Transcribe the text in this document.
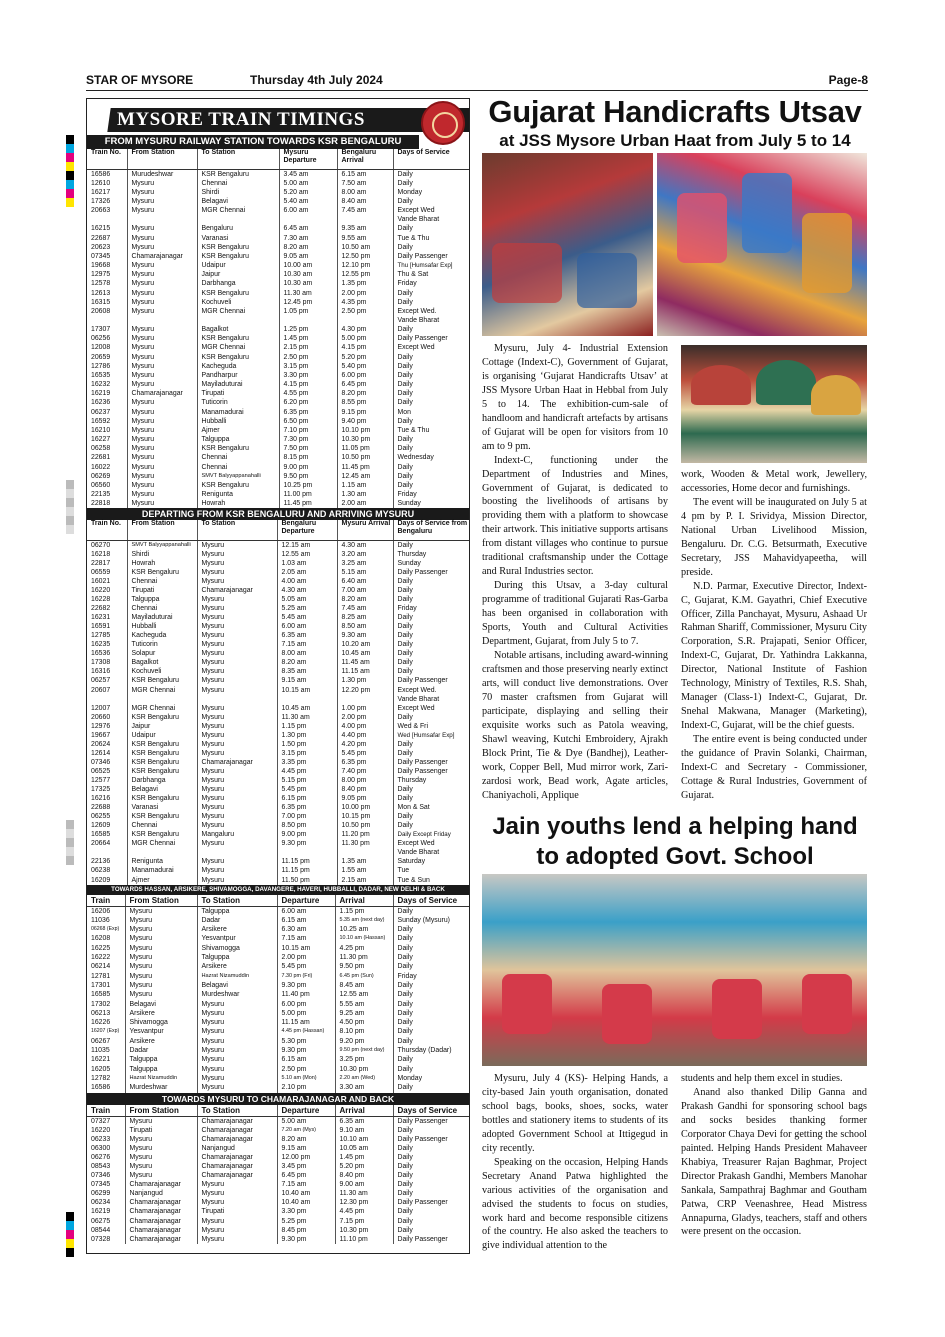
STAR OF MYSORE	Thursday 4th July 2024	Page-8
MYSORE TRAIN TIMINGS
FROM MYSURU RAILWAY STATION TOWARDS KSR BENGALURU
Train No.	From Station	To Station	Mysuru Departure	Bengaluru Arrival	Days of Service
16586	Murudeshwar	KSR Bengaluru	3.45 am	6.15 am	Daily
12610	Mysuru	Chennai	5.00 am	7.50 am	Daily
16217	Mysuru	Shirdi	5.20 am	8.00 am	Monday
17326	Mysuru	Belagavi	5.40 am	8.40 am	Daily
20663	Mysuru	MGR Chennai	6.00 am	7.45 am	Except Wed
					Vande Bharat
16215	Mysuru	Bengaluru	6.45 am	9.35 am	Daily
22687	Mysuru	Varanasi	7.30 am	9.55 am	Tue & Thu
20623	Mysuru	KSR Bengaluru	8.20 am	10.50 am	Daily
07345	Chamarajanagar	KSR Bengaluru	9.05 am	12.50 pm	Daily Passenger
19668	Mysuru	Udaipur	10.00 am	12.10 pm	Thu [Humsafar Exp]
12975	Mysuru	Jaipur	10.30 am	12.55 pm	Thu & Sat
12578	Mysuru	Darbhanga	10.30 am	1.35 pm	Friday
12613	Mysuru	KSR Bengaluru	11.30 am	2.00 pm	Daily
16315	Mysuru	Kochuveli	12.45 pm	4.35 pm	Daily
20608	Mysuru	MGR Chennai	1.05 pm	2.50 pm	Except Wed.
					Vande Bharat
17307	Mysuru	Bagalkot	1.25 pm	4.30 pm	Daily
06256	Mysuru	KSR Bengaluru	1.45 pm	5.00 pm	Daily Passenger
12008	Mysuru	MGR Chennai	2.15 pm	4.15 pm	Except Wed
20659	Mysuru	KSR Bengaluru	2.50 pm	5.20 pm	Daily
12786	Mysuru	Kacheguda	3.15 pm	5.40 pm	Daily
16535	Mysuru	Pandharpur	3.30 pm	6.00 pm	Daily
16232	Mysuru	Mayiladuturai	4.15 pm	6.45 pm	Daily
16219	Chamarajanagar	Tirupati	4.55 pm	8.20 pm	Daily
16236	Mysuru	Tuticorin	6.20 pm	8.55 pm	Daily
06237	Mysuru	Manamadurai	6.35 pm	9.15 pm	Mon
16592	Mysuru	Hubballi	6.50 pm	9.40 pm	Daily
16210	Mysuru	Ajmer	7.10 pm	10.10 pm	Tue & Thu
16227	Mysuru	Talguppa	7.30 pm	10.30 pm	Daily
06258	Mysuru	KSR Bengaluru	7.50 pm	11.05 pm	Daily
22681	Mysuru	Chennai	8.15 pm	10.50 pm	Wednesday
16022	Mysuru	Chennai	9.00 pm	11.45 pm	Daily
06269	Mysuru	SMVT Balyyappanahalli	9.50 pm	12.45 am	Daily
06560	Mysuru	KSR Bengaluru	10.25 pm	1.15 am	Daily
22135	Mysuru	Renigunta	11.00 pm	1.30 am	Friday
22818	Mysuru	Howrah	11.45 pm	2.00 am	Sunday
DEPARTING FROM KSR BENGALURU AND ARRIVING MYSURU
Train No.	From Station	To Station	Bengaluru Departure	Mysuru Arrival	Days of Service from Bengaluru
06270	SMVT Balyyappanahalli	Mysuru	12.15 am	4.30 am	Daily
16218	Shirdi	Mysuru	12.55 am	3.20 am	Thursday
22817	Howrah	Mysuru	1.03 am	3.25 am	Sunday
06559	KSR Bengaluru	Mysuru	2.05 am	5.15 am	Daily Passenger
16021	Chennai	Mysuru	4.00 am	6.40 am	Daily
16220	Tirupati	Chamarajanagar	4.30 am	7.00 am	Daily
16228	Talguppa	Mysuru	5.05 am	8.20 am	Daily
22682	Chennai	Mysuru	5.25 am	7.45 am	Friday
16231	Mayiladuturai	Mysuru	5.45 am	8.25 am	Daily
16591	Hubballi	Mysuru	6.00 am	8.50 am	Daily
12785	Kacheguda	Mysuru	6.35 am	9.30 am	Daily
16235	Tuticorin	Mysuru	7.15 am	10.20 am	Daily
16536	Solapur	Mysuru	8.00 am	10.45 am	Daily
17308	Bagalkot	Mysuru	8.20 am	11.45 am	Daily
16316	Kochuveli	Mysuru	8.35 am	11.15 am	Daily
06257	KSR Bengaluru	Mysuru	9.15 am	1.30 pm	Daily Passenger
20607	MGR Chennai	Mysuru	10.15 am	12.20 pm	Except Wed.
					Vande Bharat
12007	MGR Chennai	Mysuru	10.45 am	1.00 pm	Except Wed
20660	KSR Bengaluru	Mysuru	11.30 am	2.00 pm	Daily
12976	Jaipur	Mysuru	1.15 pm	4.00 pm	Wed & Fri
19667	Udaipur	Mysuru	1.30 pm	4.40 pm	Wed [Humsafar Exp]
20624	KSR Bengaluru	Mysuru	1.50 pm	4.20 pm	Daily
12614	KSR Bengaluru	Mysuru	3.15 pm	5.45 pm	Daily
07346	KSR Bengaluru	Chamarajanagar	3.35 pm	6.35 pm	Daily Passenger
06525	KSR Bengaluru	Mysuru	4.45 pm	7.40 pm	Daily Passenger
12577	Darbhanga	Mysuru	5.15 pm	8.00 pm	Thursday
17325	Belagavi	Mysuru	5.45 pm	8.40 pm	Daily
16216	KSR Bengaluru	Mysuru	6.15 pm	9.05 pm	Daily
22688	Varanasi	Mysuru	6.35 pm	10.00 pm	Mon & Sat
06255	KSR Bengaluru	Mysuru	7.00 pm	10.15 pm	Daily
12609	Chennai	Mysuru	8.50 pm	10.50 pm	Daily
16585	KSR Bengaluru	Mangaluru	9.00 pm	11.20 pm	Daily Except Friday
20664	MGR Chennai	Mysuru	9.30 pm	11.30 pm	Except Wed
					Vande Bharat
22136	Renigunta	Mysuru	11.15 pm	1.35 am	Saturday
06238	Manamadurai	Mysuru	11.15 pm	1.55 am	Tue
16209	Ajmer	Mysuru	11.50 pm	2.15 am	Tue & Sun
TOWARDS HASSAN, ARSIKERE, SHIVAMOGGA, DAVANGERE, HAVERI, HUBBALLI, DADAR, NEW DELHI & BACK
Train	From Station	To Station	Departure	Arrival	Days of Service
16206	Mysuru	Talguppa	6.00 am	1.15 pm	Daily
11036	Mysuru	Dadar	6.15 am	5.35 am (next day)	Sunday (Mysuru)
06268 (Exp)	Mysuru	Arsikere	6.30 am	10.25 am	Daily
16208	Mysuru	Yesvantpur	7.15 am	10.10 am (Hassan)	Daily
16225	Mysuru	Shivamogga	10.15 am	4.25 pm	Daily
16222	Mysuru	Talguppa	2.00 pm	11.30 pm	Daily
06214	Mysuru	Arsikere	5.45 pm	9.50 pm	Daily
12781	Mysuru	Hazrat Nizamuddin	7.30 pm (Fri)	6.45 pm (Sun)	Friday
17301	Mysuru	Belagavi	9.30 pm	8.45 am	Daily
16585	Mysuru	Murdeshwar	11.40 pm	12.55 am	Daily
17302	Belagavi	Mysuru	6.00 pm	5.55 am	Daily
06213	Arsikere	Mysuru	5.00 pm	9.25 am	Daily
16226	Shivamogga	Mysuru	11.15 am	4.50 pm	Daily
16207 (Exp)	Yesvantpur	Mysuru	4.45 pm (Hassan)	8.10 pm	Daily
06267	Arsikere	Mysuru	5.30 pm	9.20 pm	Daily
11035	Dadar	Mysuru	9.30 pm	9.50 pm (next day)	Thursday (Dadar)
16221	Talguppa	Mysuru	6.15 am	3.25 pm	Daily
16205	Talguppa	Mysuru	2.50 pm	10.30 pm	Daily
12782	Hazrat Nizamuddin	Mysuru	5.10 am (Mon)	2.20 am (Wed)	Monday
16586	Murdeshwar	Mysuru	2.10 pm	3.30 am	Daily
TOWARDS MYSURU TO CHAMARAJANAGAR AND BACK
Train	From Station	To Station	Departure	Arrival	Days of Service
07327	Mysuru	Chamarajanagar	5.00 am	6.35 am	Daily Passenger
16220	Tirupati	Chamarajanagar	7.20 am (Mys)	9.10 am	Daily
06233	Mysuru	Chamarajanagar	8.20 am	10.10 am	Daily Passenger
06300	Mysuru	Nanjangud	9.15 am	10.05 am	Daily
06276	Mysuru	Chamarajanagar	12.00 pm	1.45 pm	Daily
08543	Mysuru	Chamarajanagar	3.45 pm	5.20 pm	Daily
07346	Mysuru	Chamarajanagar	6.45 pm	8.40 pm	Daily
07345	Chamarajanagar	Mysuru	7.15 am	9.00 am	Daily
06299	Nanjangud	Mysuru	10.40 am	11.30 am	Daily
06234	Chamarajanagar	Mysuru	10.40 am	12.30 pm	Daily Passenger
16219	Chamarajanagar	Tirupati	3.30 pm	4.45 pm	Daily
06275	Chamarajanagar	Mysuru	5.25 pm	7.15 pm	Daily
08544	Chamarajanagar	Mysuru	8.45 pm	10.30 pm	Daily
07328	Chamarajanagar	Mysuru	9.30 pm	11.10 pm	Daily Passenger
Gujarat Handicrafts Utsav
at JSS Mysore Urban Haat from July 5 to 14

Mysuru, July 4- Industrial Extension Cottage (Indext-C), Government of Gujarat, is organising ‘Gujarat Handicrafts Utsav’ at JSS Mysore Urban Haat in Hebbal from July 5 to 14. The exhibition-cum-sale of handloom and handicraft artefacts by artisans of Gujarat will be open for visitors from 10 am to 9 pm.

Indext-C, functioning under the Department of Industries and Mines, Government of Gujarat, is dedicated to boosting the livelihoods of artisans by providing them with a platform to showcase their artwork. This initiative supports artisans from distant villages who continue to pursue traditional craftsmanship under the Cottage and Rural Industries sector.

During this Utsav, a 3-day cultural programme of traditional Gujarati Ras-Garba has been organised in collaboration with Sports, Youth and Cultural Activities Department, Gujarat, from July 5 to 7.

Notable artisans, including award-winning craftsmen and those preserving nearly extinct arts, will conduct live demonstrations. Over 70 master craftsmen from Gujarat will participate, displaying and selling their exquisite works such as Patola weaving, Shawl weaving, Kutchi Embroidery, Ajrakh Block Print, Tie & Dye (Bandhej), Leather-work, Copper Bell, Mud mirror work, Zari-zardosi work, Bead work, Agate articles, Chaniyacholi, Applique

work, Wooden & Metal work, Jewellery, accessories, Home decor and furnishings.

The event will be inaugurated on July 5 at 4 pm by P. I. Srividya, Mission Director, National Urban Livelihood Mission, Bengaluru. Dr. C.G. Betsurmath, Executive Secretary, JSS Mahavidyapeetha, will preside.

N.D. Parmar, Executive Director, Indext-C, Gujarat, K.M. Gayathri, Chief Executive Officer, Zilla Panchayat, Mysuru, Ashaad Ur Rahman Shariff, Commissioner, Mysuru City Corporation, S.R. Prajapati, Senior Officer, Indext-C, Gujarat, Dr. Yathindra Lakkanna, Director, National Institute of Fashion Technology, Ministry of Textiles, R.S. Shah, Manager (Class-1) Indext-C, Gujarat, Dr. Snehal Makwana, Manager (Marketing), Indext-C, Gujarat, will be the chief guests.

The entire event is being conducted under the guidance of Pravin Solanki, Chairman, Indext-C and Secretary - Commissioner, Cottage & Rural Industries, Government of Gujarat.

Jain youths lend a helping hand to adopted Govt. School

Mysuru, July 4 (KS)- Helping Hands, a city-based Jain youth organisation, donated school bags, books, shoes, socks, water bottles and stationery items to students of its adopted Government School at Ittigegud in city recently.

Speaking on the occasion, Helping Hands Secretary Anand Patwa highlighted the various activities of the organisation and advised the students to focus on studies, work hard and become responsible citizens of the country. He also asked the teachers to give individual attention to the

students and help them excel in studies.

Anand also thanked Dilip Ganna and Prakash Gandhi for sponsoring school bags and socks besides thanking former Corporator Chaya Devi for getting the school painted. Helping Hands President Mahaveer Khabiya, Treasurer Rajan Baghmar, Project Director Prakash Gandhi, Members Manohar Sankala, Sampathraj Baghmar and Goutham Patwa, CRP Veenashree, Head Mistress Annapurna, Gladys, teachers, staff and others were present on the occasion.
